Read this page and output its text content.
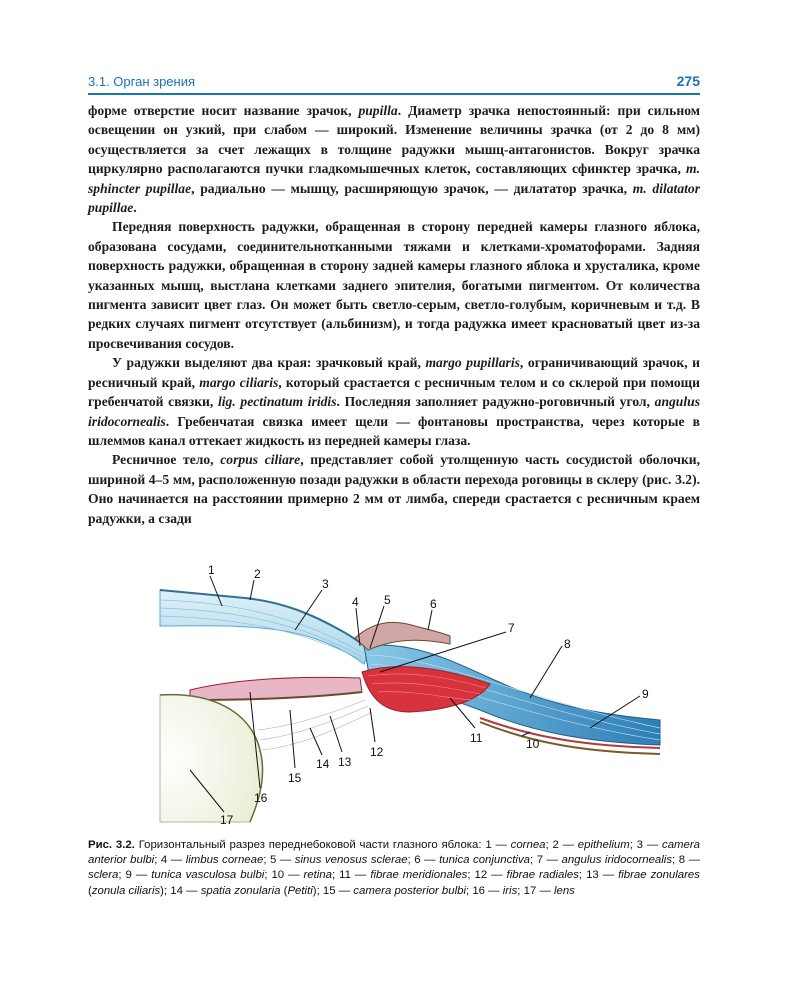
3.1. Орган зрения	275

форме отверстие носит название зрачок, pupilla. Диаметр зрачка непостоянный: при сильном освещении он узкий, при слабом — широкий. Изменение величины зрачка (от 2 до 8 мм) осуществляется за счет лежащих в толщине радужки мышц-антагонистов. Вокруг зрачка циркулярно располагаются пучки гладкомышечных клеток, составляющих сфинктер зрачка, m. sphincter pupillae, радиально — мышцу, расширяющую зрачок, — дилататор зрачка, m. dilatator pupillae.

Передняя поверхность радужки, обращенная в сторону передней камеры глазного яблока, образована сосудами, соединительнотканными тяжами и клетками-хроматофорами. Задняя поверхность радужки, обращенная в сторону задней камеры глазного яблока и хрусталика, кроме указанных мышц, выстлана клетками заднего эпителия, богатыми пигментом. От количества пигмента зависит цвет глаз. Он может быть светло-серым, светло-голубым, коричневым и т.д. В редких случаях пигмент отсутствует (альбинизм), и тогда радужка имеет красноватый цвет из-за просвечивания сосудов.

У радужки выделяют два края: зрачковый край, margo pupillaris, ограничивающий зрачок, и ресничный край, margo ciliaris, который срастается с ресничным телом и со склерой при помощи гребенчатой связки, lig. pectinatum iridis. Последняя заполняет радужно-роговичный угол, angulus iridocornealis. Гребенчатая связка имеет щели — фонтановы пространства, через которые в шлеммов канал оттекает жидкость из передней камеры глаза.

Ресничное тело, corpus ciliare, представляет собой утолщенную часть сосудистой оболочки, шириной 4–5 мм, расположенную позади радужки в области перехода роговицы в склеру (рис. 3.2). Оно начинается на расстоянии примерно 2 мм от лимба, спереди срастается с ресничным краем радужки, а сзади

1	2
3
4 5	6
7
8
9
10
11
12
13
14
15
16
17
Рис. 3.2. Горизонтальный разрез переднебоковой части глазного яблока: 1 — cornea; 2 — epithelium; 3 — camera anterior bulbi; 4 — limbus corneae; 5 — sinus venosus sclerae; 6 — tunica conjunctiva; 7 — angulus iridocornealis; 8 — sclera; 9 — tunica vasculosa bulbi; 10 — retina; 11 — fibrae meridionales; 12 — fibrae radiales; 13 — fibrae zonulares (zonula ciliaris); 14 — spatia zonularia (Petiti); 15 — camera posterior bulbi; 16 — iris; 17 — lens
